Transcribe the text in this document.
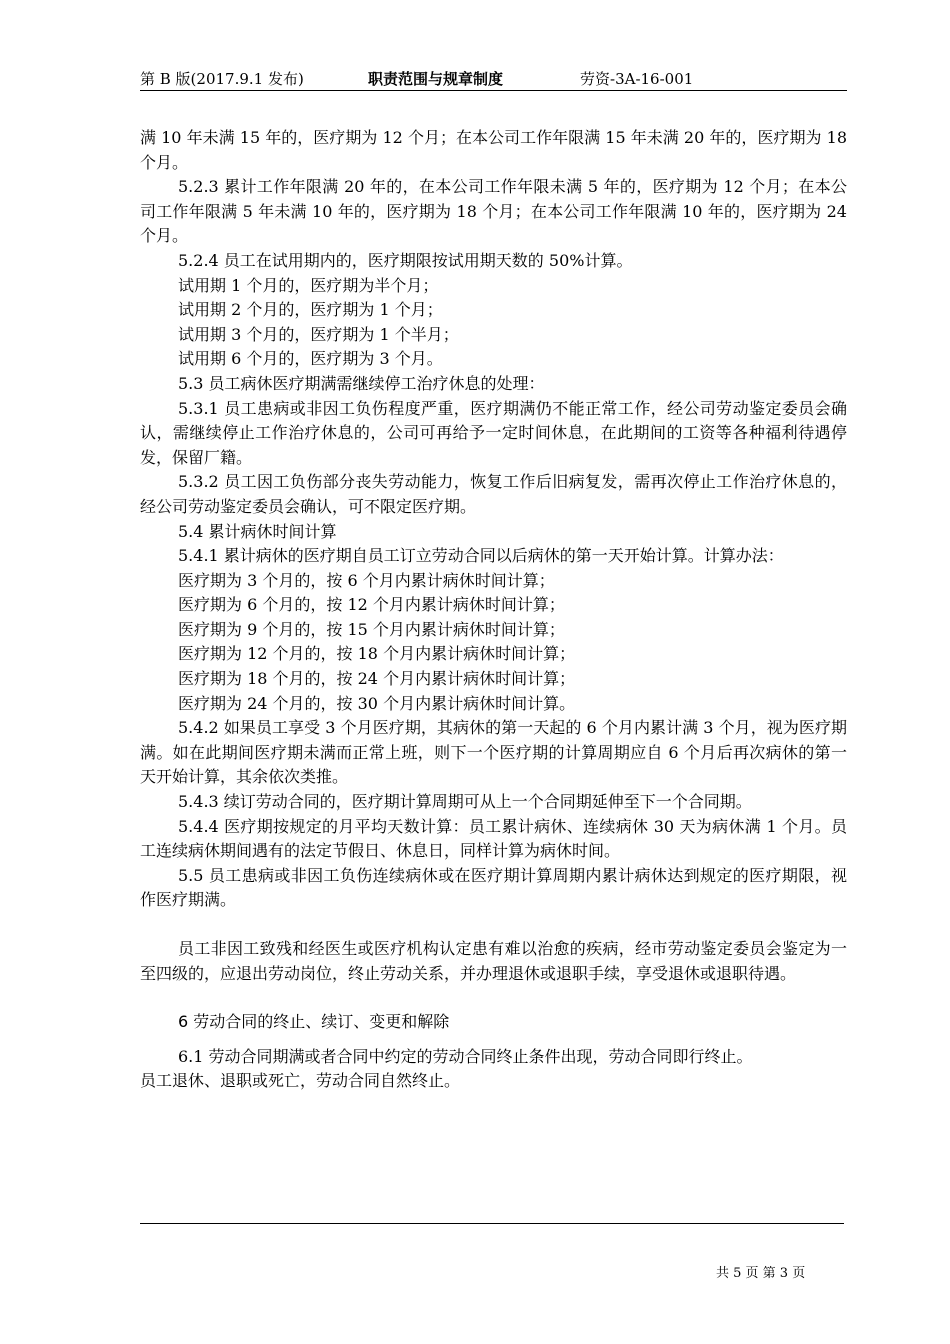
第 B 版(2017.9.1 发布)	职责范围与规章制度	劳资-3A-16-001

满 10 年未满 15 年的，医疗期为 12 个月；在本公司工作年限满 15 年未满 20 年的，医疗期为 18 个月。

5.2.3 累计工作年限满 20 年的，在本公司工作年限未满 5 年的，医疗期为 12 个月；在本公司工作年限满 5 年未满 10 年的，医疗期为 18 个月；在本公司工作年限满 10 年的，医疗期为 24 个月。

5.2.4 员工在试用期内的，医疗期限按试用期天数的 50%计算。

试用期 1 个月的，医疗期为半个月；

试用期 2 个月的，医疗期为 1 个月；

试用期 3 个月的，医疗期为 1 个半月；

试用期 6 个月的，医疗期为 3 个月。

5.3 员工病休医疗期满需继续停工治疗休息的处理：

5.3.1 员工患病或非因工负伤程度严重，医疗期满仍不能正常工作，经公司劳动鉴定委员会确认，需继续停止工作治疗休息的，公司可再给予一定时间休息，在此期间的工资等各种福利待遇停发，保留厂籍。

5.3.2 员工因工负伤部分丧失劳动能力，恢复工作后旧病复发，需再次停止工作治疗休息的，经公司劳动鉴定委员会确认，可不限定医疗期。

5.4 累计病休时间计算

5.4.1 累计病休的医疗期自员工订立劳动合同以后病休的第一天开始计算。计算办法：

医疗期为 3 个月的，按 6 个月内累计病休时间计算；

医疗期为 6 个月的，按 12 个月内累计病休时间计算；

医疗期为 9 个月的，按 15 个月内累计病休时间计算；

医疗期为 12 个月的，按 18 个月内累计病休时间计算；

医疗期为 18 个月的，按 24 个月内累计病休时间计算；

医疗期为 24 个月的，按 30 个月内累计病休时间计算。

5.4.2 如果员工享受 3 个月医疗期，其病休的第一天起的 6 个月内累计满 3 个月，视为医疗期满。如在此期间医疗期未满而正常上班，则下一个医疗期的计算周期应自 6 个月后再次病休的第一天开始计算，其余依次类推。

5.4.3 续订劳动合同的，医疗期计算周期可从上一个合同期延伸至下一个合同期。

5.4.4 医疗期按规定的月平均天数计算：员工累计病休、连续病休 30 天为病休满 1 个月。员工连续病休期间遇有的法定节假日、休息日，同样计算为病休时间。

5.5 员工患病或非因工负伤连续病休或在医疗期计算周期内累计病休达到规定的医疗期限，视作医疗期满。

员工非因工致残和经医生或医疗机构认定患有难以治愈的疾病，经市劳动鉴定委员会鉴定为一至四级的，应退出劳动岗位，终止劳动关系，并办理退休或退职手续，享受退休或退职待遇。

6 劳动合同的终止、续订、变更和解除

6.1 劳动合同期满或者合同中约定的劳动合同终止条件出现，劳动合同即行终止。

员工退休、退职或死亡，劳动合同自然终止。

共 5 页 第 3 页
